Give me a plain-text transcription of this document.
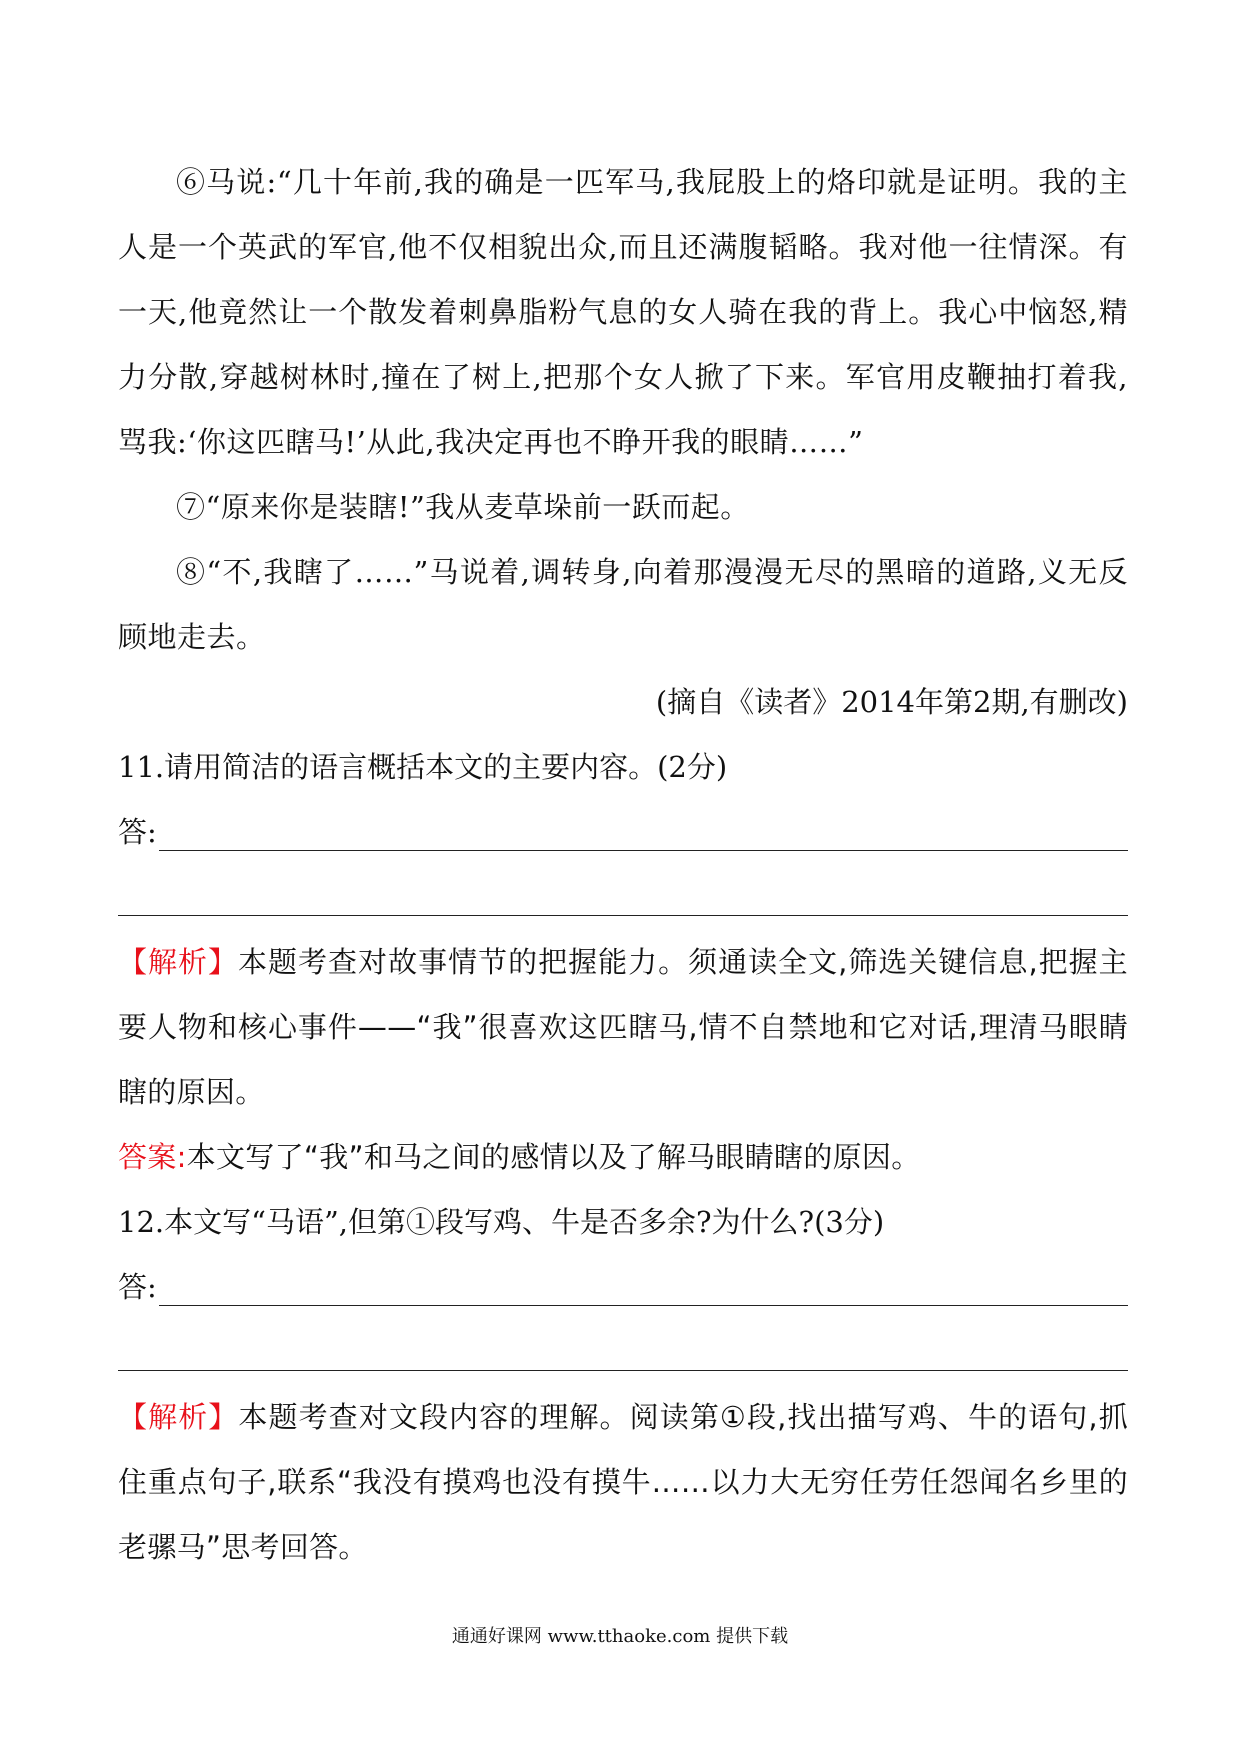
⑥马说:“几十年前,我的确是一匹军马,我屁股上的烙印就是证明。我的主人是一个英武的军官,他不仅相貌出众,而且还满腹韬略。我对他一往情深。有一天,他竟然让一个散发着刺鼻脂粉气息的女人骑在我的背上。我心中恼怒,精力分散,穿越树林时,撞在了树上,把那个女人掀了下来。军官用皮鞭抽打着我,骂我:‘你这匹瞎马!’从此,我决定再也不睁开我的眼睛……”

⑦“原来你是装瞎!”我从麦草垛前一跃而起。

⑧“不,我瞎了……”马说着,调转身,向着那漫漫无尽的黑暗的道路,义无反顾地走去。

(摘自《读者》2014年第2期,有删改)

11.请用简洁的语言概括本文的主要内容。(2分)

答:

【解析】本题考查对故事情节的把握能力。须通读全文,筛选关键信息,把握主要人物和核心事件——“我”很喜欢这匹瞎马,情不自禁地和它对话,理清马眼睛瞎的原因。

答案:本文写了“我”和马之间的感情以及了解马眼睛瞎的原因。

12.本文写“马语”,但第①段写鸡、牛是否多余?为什么?(3分)

答:

【解析】本题考查对文段内容的理解。阅读第①段,找出描写鸡、牛的语句,抓住重点句子,联系“我没有摸鸡也没有摸牛……以力大无穷任劳任怨闻名乡里的老骡马”思考回答。

通通好课网 www.tthaoke.com 提供下载
